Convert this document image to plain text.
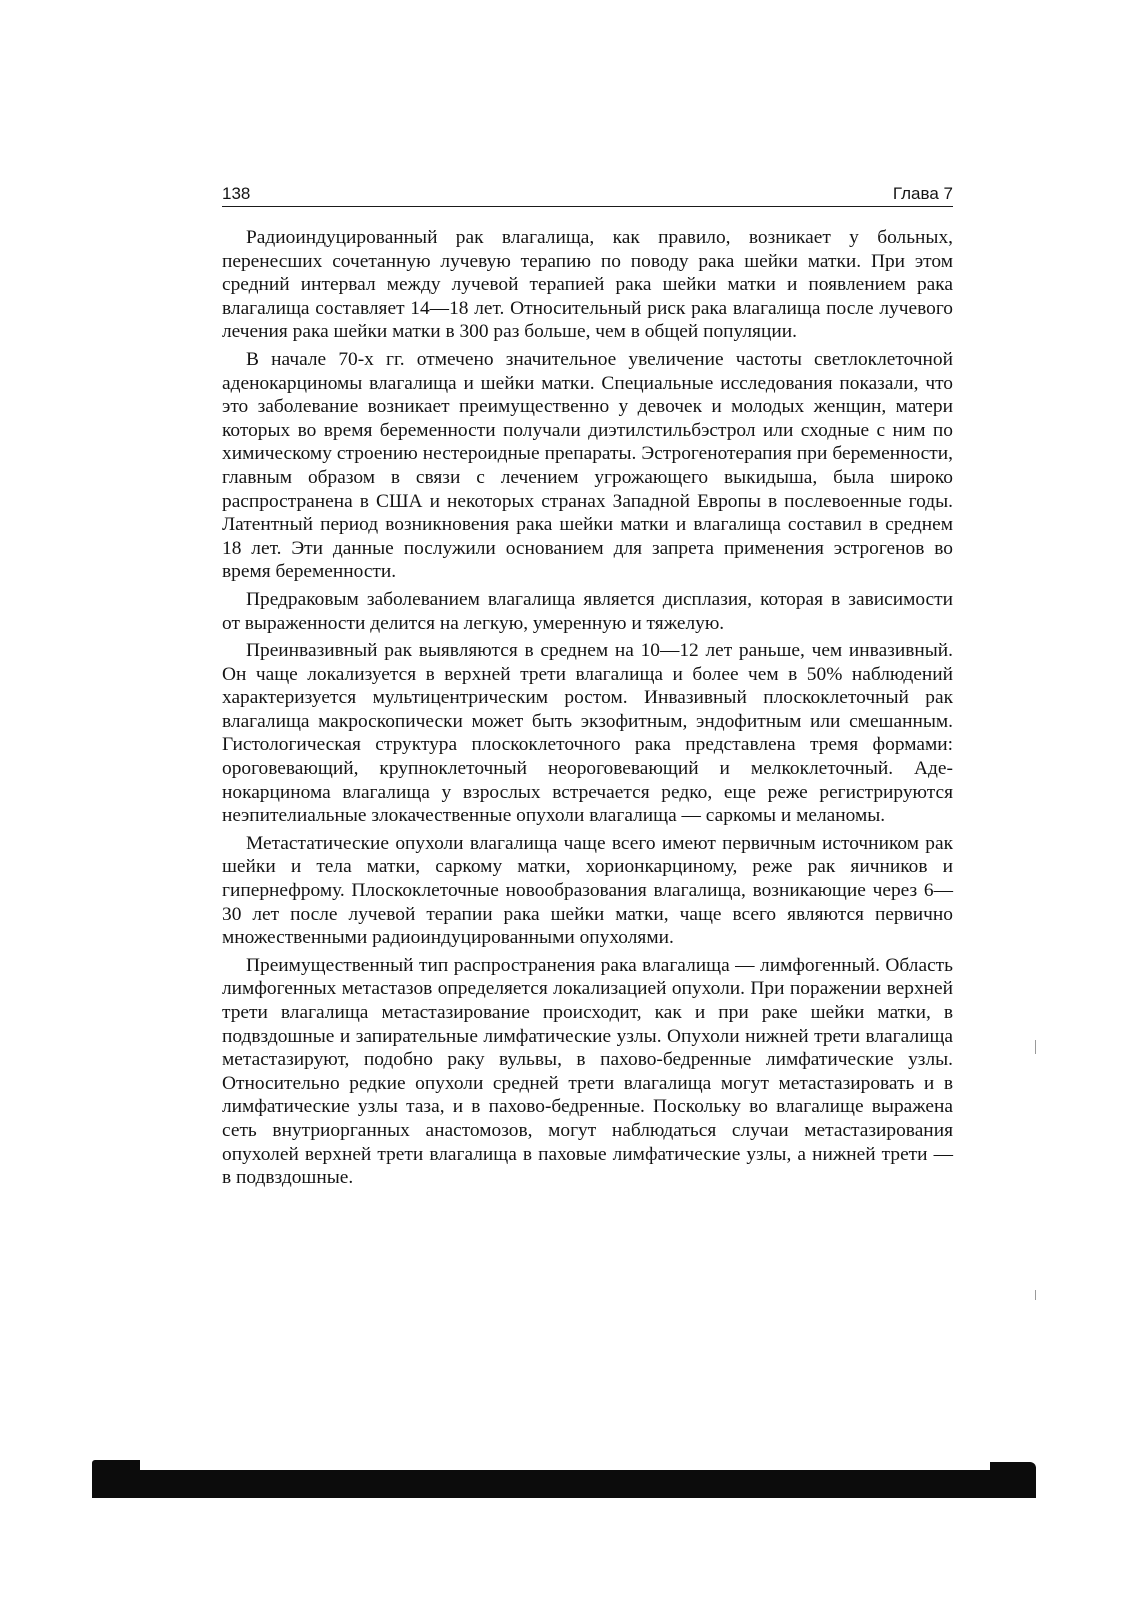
138	Глава 7

Радиоиндуцированный рак влагалища, как правило, возникает у больных, перенесших сочетанную лучевую терапию по поводу рака шейки матки. При этом средний интервал между лучевой терапией рака шейки матки и появлением рака влагалища составляет 14—18 лет. Относительный риск рака влагалища после лучевого лечения рака шейки матки в 300 раз больше, чем в общей популяции.

В начале 70-х гг. отмечено значительное увеличение частоты светлоклеточной аденокарциномы влагалища и шейки матки. Специальные исследования показали, что это заболевание возникает преимущественно у девочек и молодых женщин, матери которых во время беременности получали диэтилстильбэстрол или сходные с ним по химическому строению нестероидные препараты. Эстрогенотерапия при беременности, главным образом в связи с лечением угрожающего выкидыша, была широко распространена в США и некоторых странах Западной Европы в послевоенные годы. Латентный период возникновения рака шейки матки и влагалища составил в среднем 18 лет. Эти данные послужили основанием для запрета применения эстрогенов во время беременности.

Предраковым заболеванием влагалища является дисплазия, которая в зависимости от выраженности делится на легкую, умеренную и тяжелую.

Преинвазивный рак выявляются в среднем на 10—12 лет раньше, чем инвазивный. Он чаще локализуется в верхней трети влагалища и более чем в 50% наблюдений характеризуется мультицентрическим ростом. Инвазивный плоскоклеточный рак влагалища макроскопически может быть экзофитным, эндофитным или смешанным. Гистологическая структура плоскоклеточного рака представлена тремя формами: ороговевающий, крупноклеточный неороговевающий и мелкоклеточный. Аденокарцинома влагалища у взрослых встречается редко, еще реже регистрируются неэпителиальные злокачественные опухоли влагалища — саркомы и меланомы.

Метастатические опухоли влагалища чаще всего имеют первичным источником рак шейки и тела матки, саркому матки, хорионкарциному, реже рак яичников и гипернефрому. Плоскоклеточные новообразования влагалища, возникающие через 6—30 лет после лучевой терапии рака шейки матки, чаще всего являются первично множественными радиоиндуцированными опухолями.

Преимущественный тип распространения рака влагалища — лимфогенный. Область лимфогенных метастазов определяется локализацией опухоли. При поражении верхней трети влагалища метастазирование происходит, как и при раке шейки матки, в подвздошные и запирательные лимфатические узлы. Опухоли нижней трети влагалища метастазируют, подобно раку вульвы, в пахово-бедренные лимфатические узлы. Относительно редкие опухоли средней трети влагалища могут метастазировать и в лимфатические узлы таза, и в пахово-бедренные. Поскольку во влагалище выражена сеть внутриорганных анастомозов, могут наблюдаться случаи метастазирования опухолей верхней трети влагалища в паховые лимфатические узлы, а нижней трети — в подвздошные.
